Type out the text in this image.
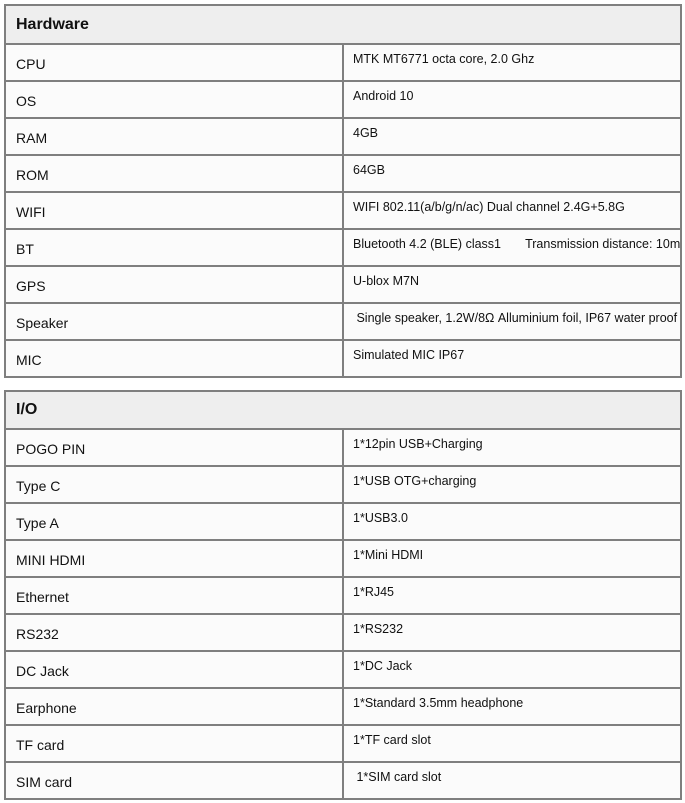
Hardware	
CPU	MTK MT6771 octa core, 2.0 Ghz
OS	Android 10
RAM	4GB
ROM	64GB
WIFI	WIFI 802.11(a/b/g/n/ac) Dual channel 2.4G+5.8G
BT	Bluetooth 4.2 (BLE) class1       Transmission distance: 10m
GPS	U-blox M7N
Speaker	Single speaker, 1.2W/8Ω Alluminium foil, IP67 water proof
MIC	Simulated MIC IP67
I/O	
POGO PIN	1*12pin USB+Charging
Type C	1*USB OTG+charging
Type A	1*USB3.0
MINI HDMI	1*Mini HDMI
Ethernet	1*RJ45
RS232	1*RS232
DC Jack	1*DC Jack
Earphone	1*Standard 3.5mm headphone
TF card	1*TF card slot
SIM card	1*SIM card slot
